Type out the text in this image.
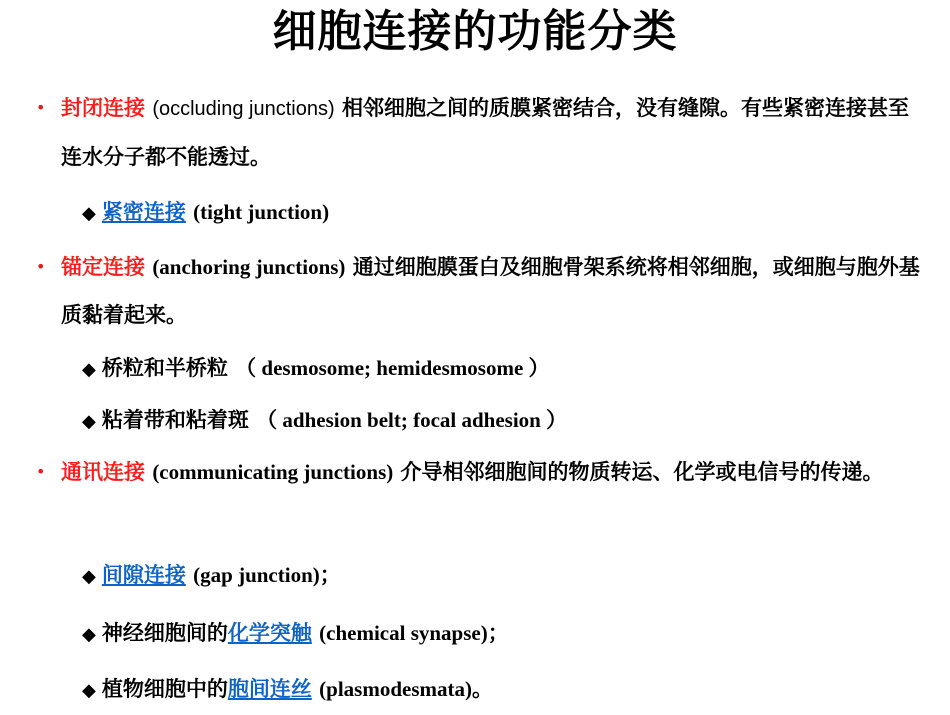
细胞连接的功能分类
• 封闭连接 (occluding junctions) 相邻细胞之间的质膜紧密结合，没有缝隙。有些紧密连接甚至连水分子都不能透过。
◆ 紧密连接 (tight junction)
• 锚定连接 (anchoring junctions) 通过细胞膜蛋白及细胞骨架系统将相邻细胞，或细胞与胞外基质黏着起来。
◆ 桥粒和半桥粒 （ desmosome; hemidesmosome ）
◆ 粘着带和粘着斑 （ adhesion belt; focal adhesion ）
• 通讯连接 (communicating junctions) 介导相邻细胞间的物质转运、化学或电信号的传递。
◆ 间隙连接 (gap junction)；
◆ 神经细胞间的化学突触 (chemical synapse)；
◆ 植物细胞中的胞间连丝 (plasmodesmata)。
